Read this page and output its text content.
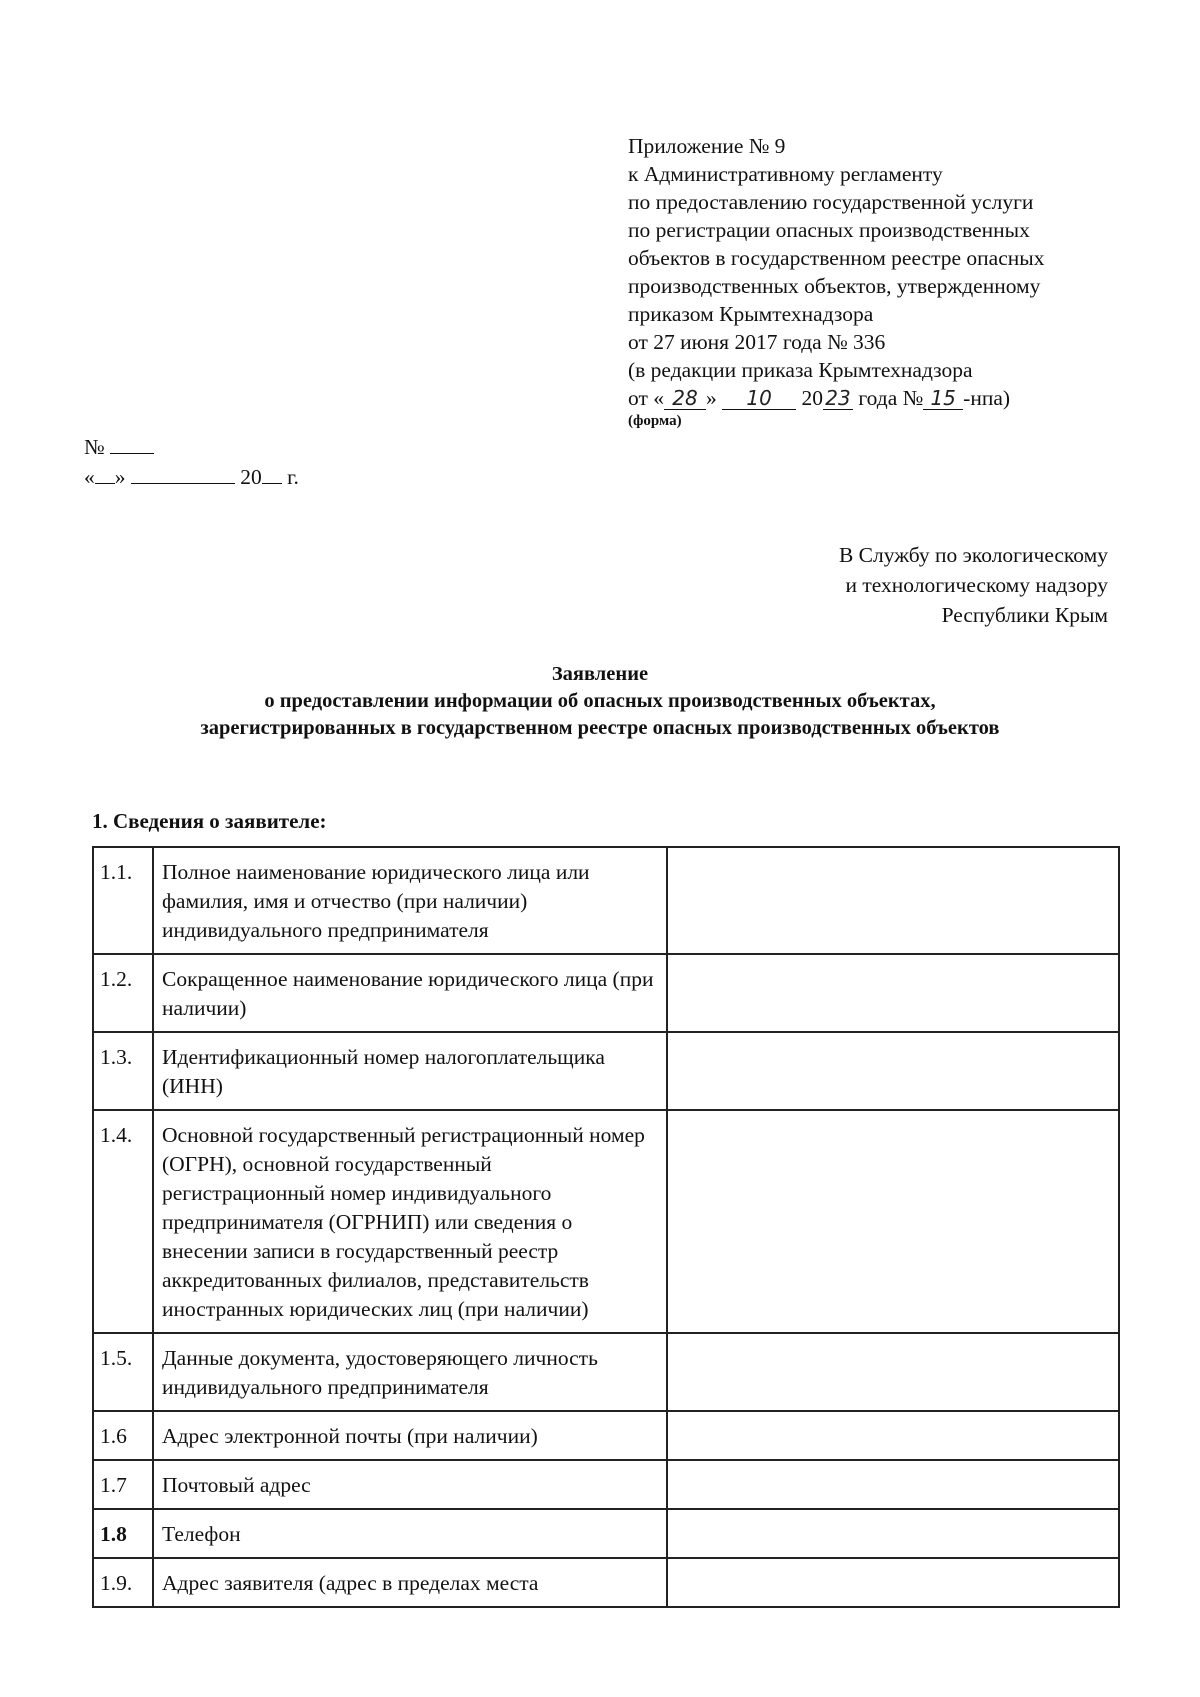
Приложение № 9
к Административному регламенту
по предоставлению государственной услуги
по регистрации опасных производственных
объектов в государственном реестре опасных
производственных объектов, утвержденному
приказом Крымтехнадзора
от 27 июня 2017 года № 336
(в редакции приказа Крымтехнадзора
от « 28 » 10 20 23 года № 15 -нпа)
(форма)
№
« »	20 г.
В Службу по экологическому
и технологическому надзору
Республики Крым
Заявление
о предоставлении информации об опасных производственных объектах,
зарегистрированных в государственном реестре опасных производственных объектов
1. Сведения о заявителе:
1.1.	Полное наименование юридического лица или фамилия, имя и отчество (при наличии) индивидуального предпринимателя	
1.2.	Сокращенное наименование юридического лица (при наличии)	
1.3.	Идентификационный номер налогоплательщика (ИНН)	
1.4.	Основной государственный регистрационный номер (ОГРН), основной государственный регистрационный номер индивидуального предпринимателя (ОГРНИП) или сведения о внесении записи в государственный реестр аккредитованных филиалов, представительств иностранных юридических лиц (при наличии)	
1.5.	Данные документа, удостоверяющего личность индивидуального предпринимателя	
1.6	Адрес электронной почты (при наличии)	
1.7	Почтовый адрес	
1.8	Телефон	
1.9.	Адрес заявителя (адрес в пределах места	
